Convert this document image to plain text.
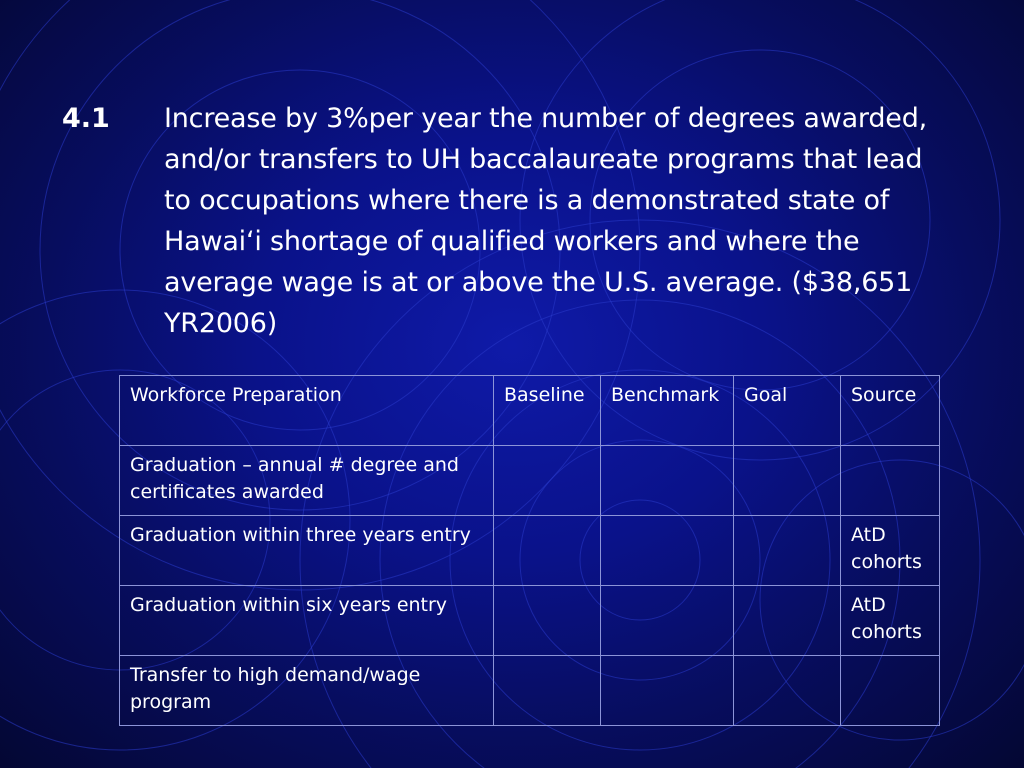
4.1 Increase by 3%per year the number of degrees awarded, and/or transfers to UH baccalaureate programs that lead to occupations where there is a demonstrated state of Hawai‘i shortage of qualified workers and where the average wage is at or above the U.S. average. ($38,651 YR2006)
Workforce Preparation	Baseline	Benchmark	Goal	Source
Graduation – annual # degree and certificates awarded				
Graduation within three years entry				AtD cohorts
Graduation within six years entry				AtD cohorts
Transfer to high demand/wage program				
